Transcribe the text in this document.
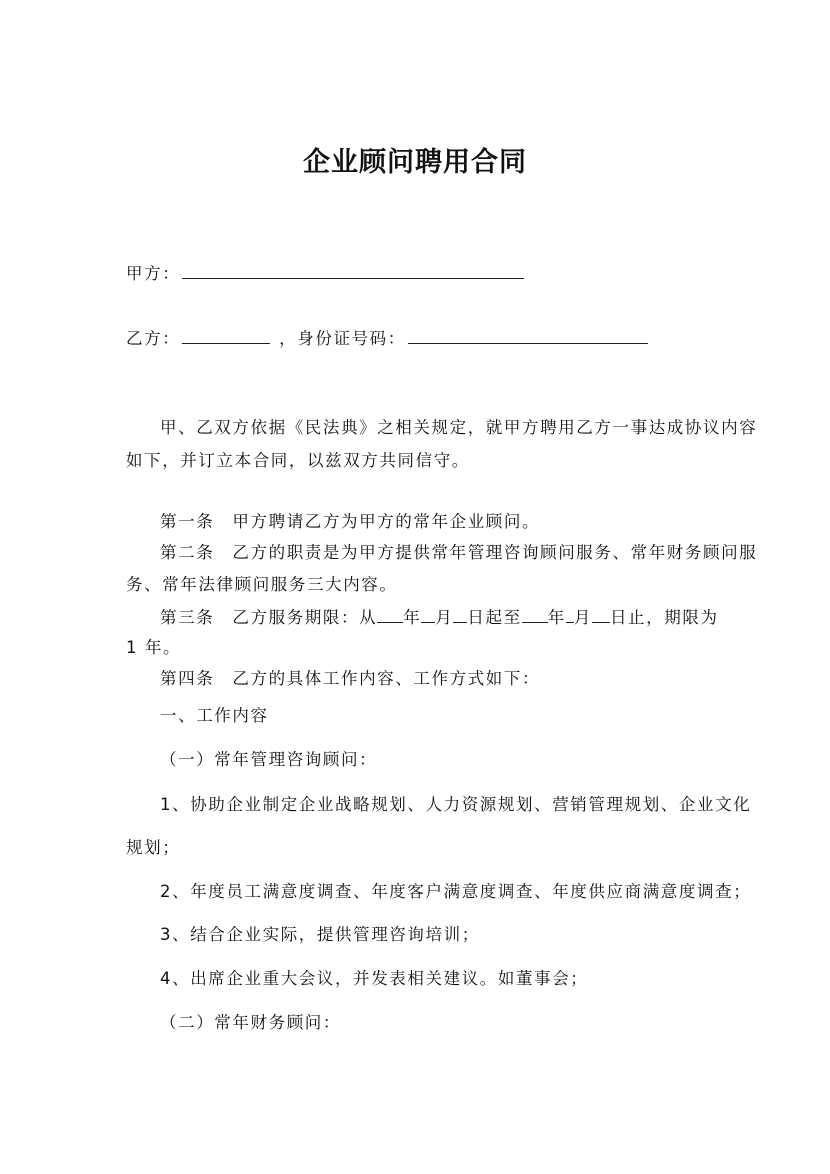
企业顾问聘用合同
甲方：
乙方：	，身份证号码：
甲、乙双方依据《民法典》之相关规定，就甲方聘用乙方一事达成协议内容
如下，并订立本合同，以兹双方共同信守。
第一条　甲方聘请乙方为甲方的常年企业顾问。
第二条　乙方的职责是为甲方提供常年管理咨询顾问服务、常年财务顾问服
务、常年法律顾问服务三大内容。
第三条　乙方服务期限：从 年 月 日起至 年 月 日止，期限为
1 年。
第四条　乙方的具体工作内容、工作方式如下：
一、工作内容
（一）常年管理咨询顾问：
1、协助企业制定企业战略规划、人力资源规划、营销管理规划、企业文化
规划；
2、年度员工满意度调查、年度客户满意度调查、年度供应商满意度调查；
3、结合企业实际，提供管理咨询培训；
4、出席企业重大会议，并发表相关建议。如董事会；
（二）常年财务顾问：
